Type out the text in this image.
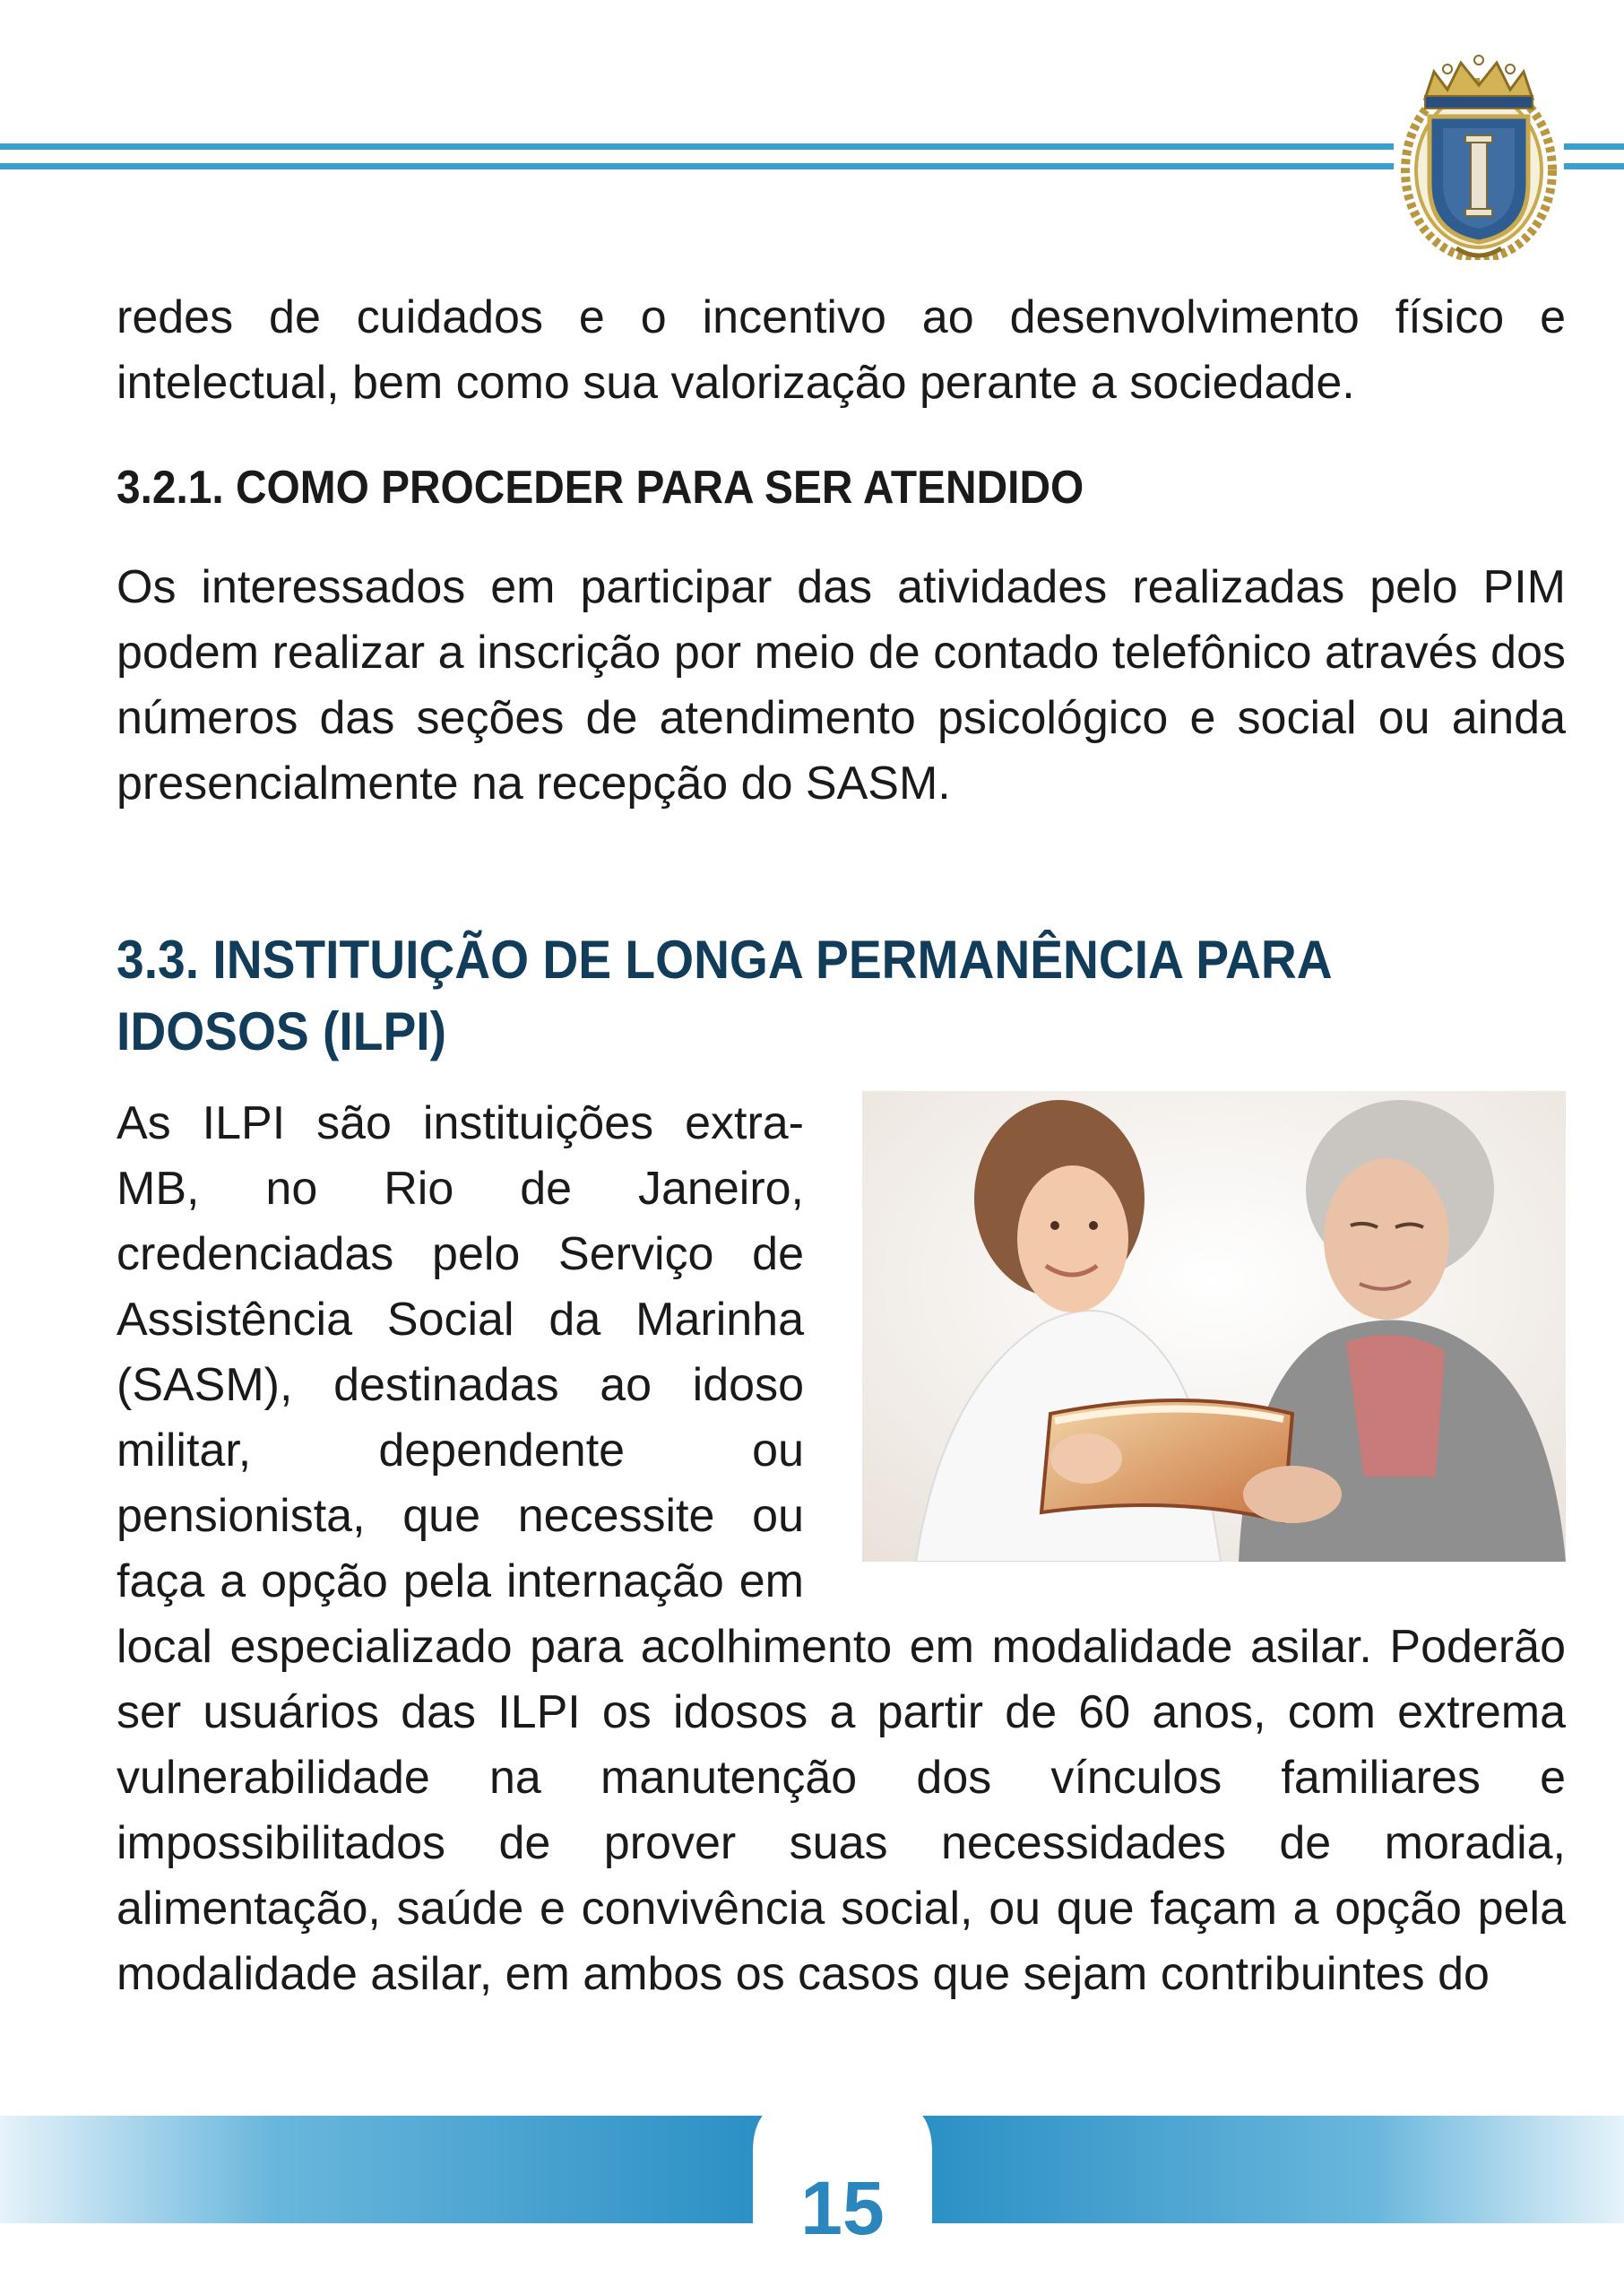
redes de cuidados e o incentivo ao desenvolvimento físico e intelectual, bem como sua valorização perante a sociedade.

3.2.1. COMO PROCEDER PARA SER ATENDIDO

Os interessados em participar das atividades realizadas pelo PIM podem realizar a inscrição por meio de contado telefônico através dos números das seções de atendimento psicológico e social ou ainda presencialmente na recepção do SASM.

3.3. INSTITUIÇÃO DE LONGA PERMANÊNCIA PARA IDOSOS (ILPI)

As ILPI são instituições extra-MB, no Rio de Janeiro, credenciadas pelo Serviço de Assistência Social da Marinha (SASM), destinadas ao idoso militar, dependente ou pensionista, que necessite ou faça a opção pela internação em local especializado para acolhimento em modalidade asilar. Poderão ser usuários das ILPI os idosos a partir de 60 anos, com extrema vulnerabilidade na manutenção dos vínculos familiares e impossibilitados de prover suas necessidades de moradia, alimentação, saúde e convivência social, ou que façam a opção pela modalidade asilar, em ambos os casos que sejam contribuintes do

15
